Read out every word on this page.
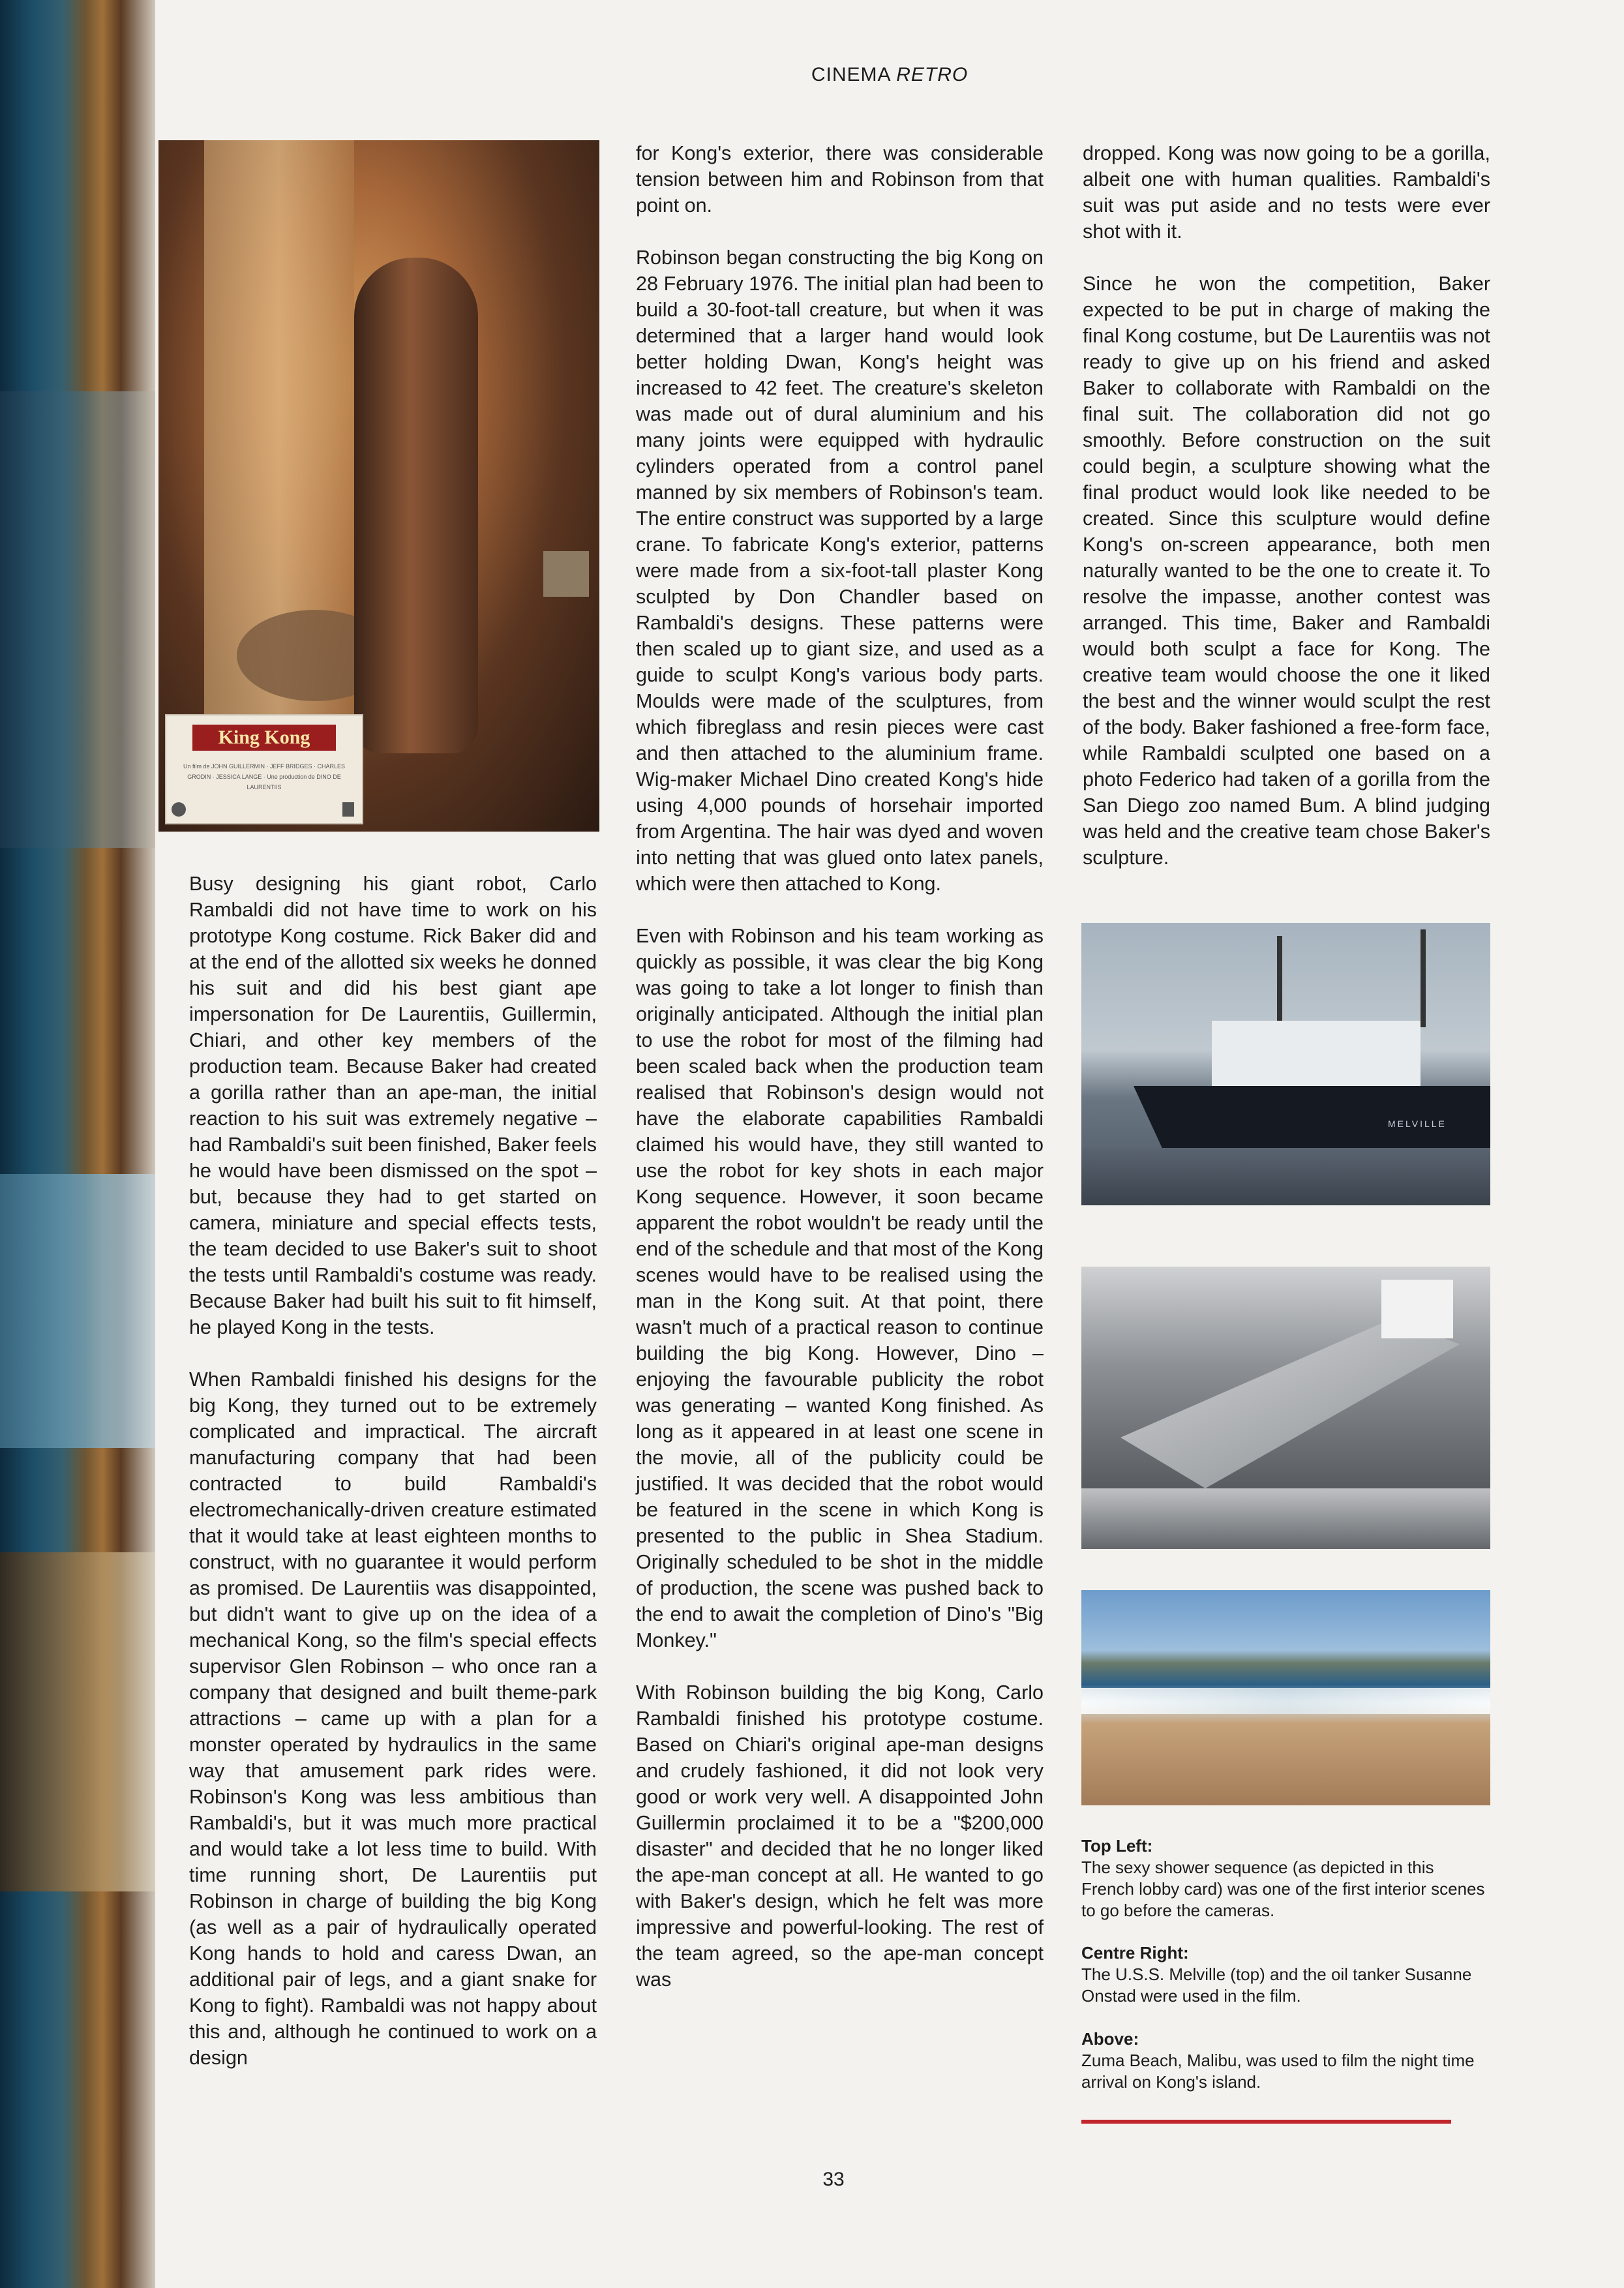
CINEMA RETRO
King Kong
Un film de JOHN GUILLERMIN · JEFF BRIDGES · CHARLES GRODIN · JESSICA LANGE · Une production de DINO DE LAURENTIIS

Busy designing his giant robot, Carlo Rambaldi did not have time to work on his prototype Kong costume. Rick Baker did and at the end of the allotted six weeks he donned his suit and did his best giant ape impersonation for De Laurentiis, Guillermin, Chiari, and other key members of the production team. Because Baker had created a gorilla rather than an ape-man, the initial reaction to his suit was extremely negative – had Rambaldi's suit been finished, Baker feels he would have been dismissed on the spot – but, because they had to get started on camera, miniature and special effects tests, the team decided to use Baker's suit to shoot the tests until Rambaldi's costume was ready. Because Baker had built his suit to fit himself, he played Kong in the tests.

When Rambaldi finished his designs for the big Kong, they turned out to be extremely complicated and impractical. The aircraft manufacturing company that had been contracted to build Rambaldi's electromechanically-driven creature estimated that it would take at least eighteen months to construct, with no guarantee it would perform as promised. De Laurentiis was disappointed, but didn't want to give up on the idea of a mechanical Kong, so the film's special effects supervisor Glen Robinson – who once ran a company that designed and built theme-park attractions – came up with a plan for a monster operated by hydraulics in the same way that amusement park rides were. Robinson's Kong was less ambitious than Rambaldi's, but it was much more practical and would take a lot less time to build. With time running short, De Laurentiis put Robinson in charge of building the big Kong (as well as a pair of hydraulically operated Kong hands to hold and caress Dwan, an additional pair of legs, and a giant snake for Kong to fight). Rambaldi was not happy about this and, although he continued to work on a design

for Kong's exterior, there was considerable tension between him and Robinson from that point on.

Robinson began constructing the big Kong on 28 February 1976. The initial plan had been to build a 30-foot-tall creature, but when it was determined that a larger hand would look better holding Dwan, Kong's height was increased to 42 feet. The creature's skeleton was made out of dural aluminium and his many joints were equipped with hydraulic cylinders operated from a control panel manned by six members of Robinson's team. The entire construct was supported by a large crane. To fabricate Kong's exterior, patterns were made from a six-foot-tall plaster Kong sculpted by Don Chandler based on Rambaldi's designs. These patterns were then scaled up to giant size, and used as a guide to sculpt Kong's various body parts. Moulds were made of the sculptures, from which fibreglass and resin pieces were cast and then attached to the aluminium frame. Wig-maker Michael Dino created Kong's hide using 4,000 pounds of horsehair imported from Argentina. The hair was dyed and woven into netting that was glued onto latex panels, which were then attached to Kong.

Even with Robinson and his team working as quickly as possible, it was clear the big Kong was going to take a lot longer to finish than originally anticipated. Although the initial plan to use the robot for most of the filming had been scaled back when the production team realised that Robinson's design would not have the elaborate capabilities Rambaldi claimed his would have, they still wanted to use the robot for key shots in each major Kong sequence. However, it soon became apparent the robot wouldn't be ready until the end of the schedule and that most of the Kong scenes would have to be realised using the man in the Kong suit. At that point, there wasn't much of a practical reason to continue building the big Kong. However, Dino – enjoying the favourable publicity the robot was generating – wanted Kong finished. As long as it appeared in at least one scene in the movie, all of the publicity could be justified. It was decided that the robot would be featured in the scene in which Kong is presented to the public in Shea Stadium. Originally scheduled to be shot in the middle of production, the scene was pushed back to the end to await the completion of Dino's "Big Monkey."

With Robinson building the big Kong, Carlo Rambaldi finished his prototype costume. Based on Chiari's original ape-man designs and crudely fashioned, it did not look very good or work very well. A disappointed John Guillermin proclaimed it to be a "$200,000 disaster" and decided that he no longer liked the ape-man concept at all. He wanted to go with Baker's design, which he felt was more impressive and powerful-looking. The rest of the team agreed, so the ape-man concept was

dropped. Kong was now going to be a gorilla, albeit one with human qualities. Rambaldi's suit was put aside and no tests were ever shot with it.

Since he won the competition, Baker expected to be put in charge of making the final Kong costume, but De Laurentiis was not ready to give up on his friend and asked Baker to collaborate with Rambaldi on the final suit. The collaboration did not go smoothly. Before construction on the suit could begin, a sculpture showing what the final product would look like needed to be created. Since this sculpture would define Kong's on-screen appearance, both men naturally wanted to be the one to create it. To resolve the impasse, another contest was arranged. This time, Baker and Rambaldi would both sculpt a face for Kong. The creative team would choose the one it liked the best and the winner would sculpt the rest of the body. Baker fashioned a free-form face, while Rambaldi sculpted one based on a photo Federico had taken of a gorilla from the San Diego zoo named Bum. A blind judging was held and the creative team chose Baker's sculpture.

MELVILLE
Top Left:
The sexy shower sequence (as depicted in this French lobby card) was one of the first interior scenes to go before the cameras.
Centre Right:
The U.S.S. Melville (top) and the oil tanker Susanne Onstad were used in the film.
Above:
Zuma Beach, Malibu, was used to film the night time arrival on Kong's island.
33
